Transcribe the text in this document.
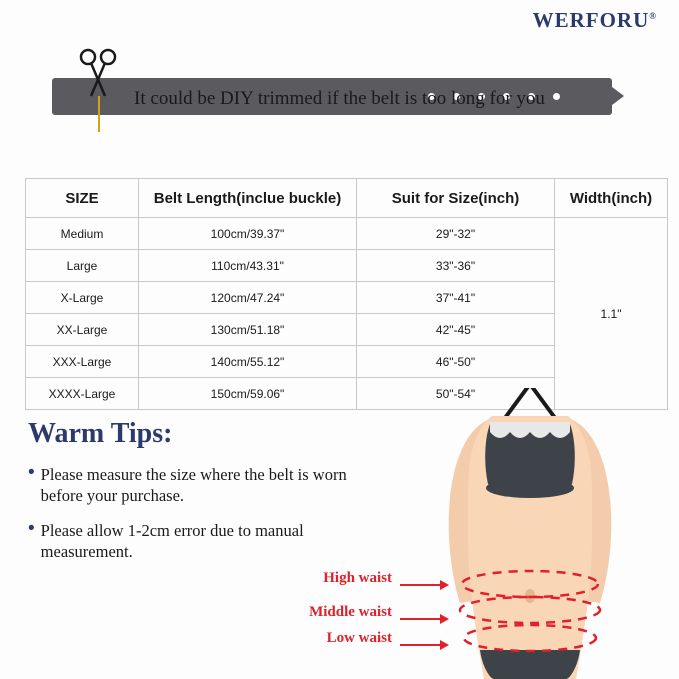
WERFORU®
It could be DIY trimmed if the belt is too long for you
SIZE	Belt Length(inclue buckle)	Suit for Size(inch)	Width(inch)
Medium	100cm/39.37"	29"-32"	1.1"
Large	110cm/43.31"	33"-36"	
X-Large	120cm/47.24"	37"-41"	
XX-Large	130cm/51.18"	42"-45"	
XXX-Large	140cm/55.12"	46"-50"	
XXXX-Large	150cm/59.06"	50"-54"	
Warm Tips:
• Please measure the size where the belt is worn before your purchase.
• Please allow 1-2cm error due to manual measurement.
High waist
Middle waist
Low waist
